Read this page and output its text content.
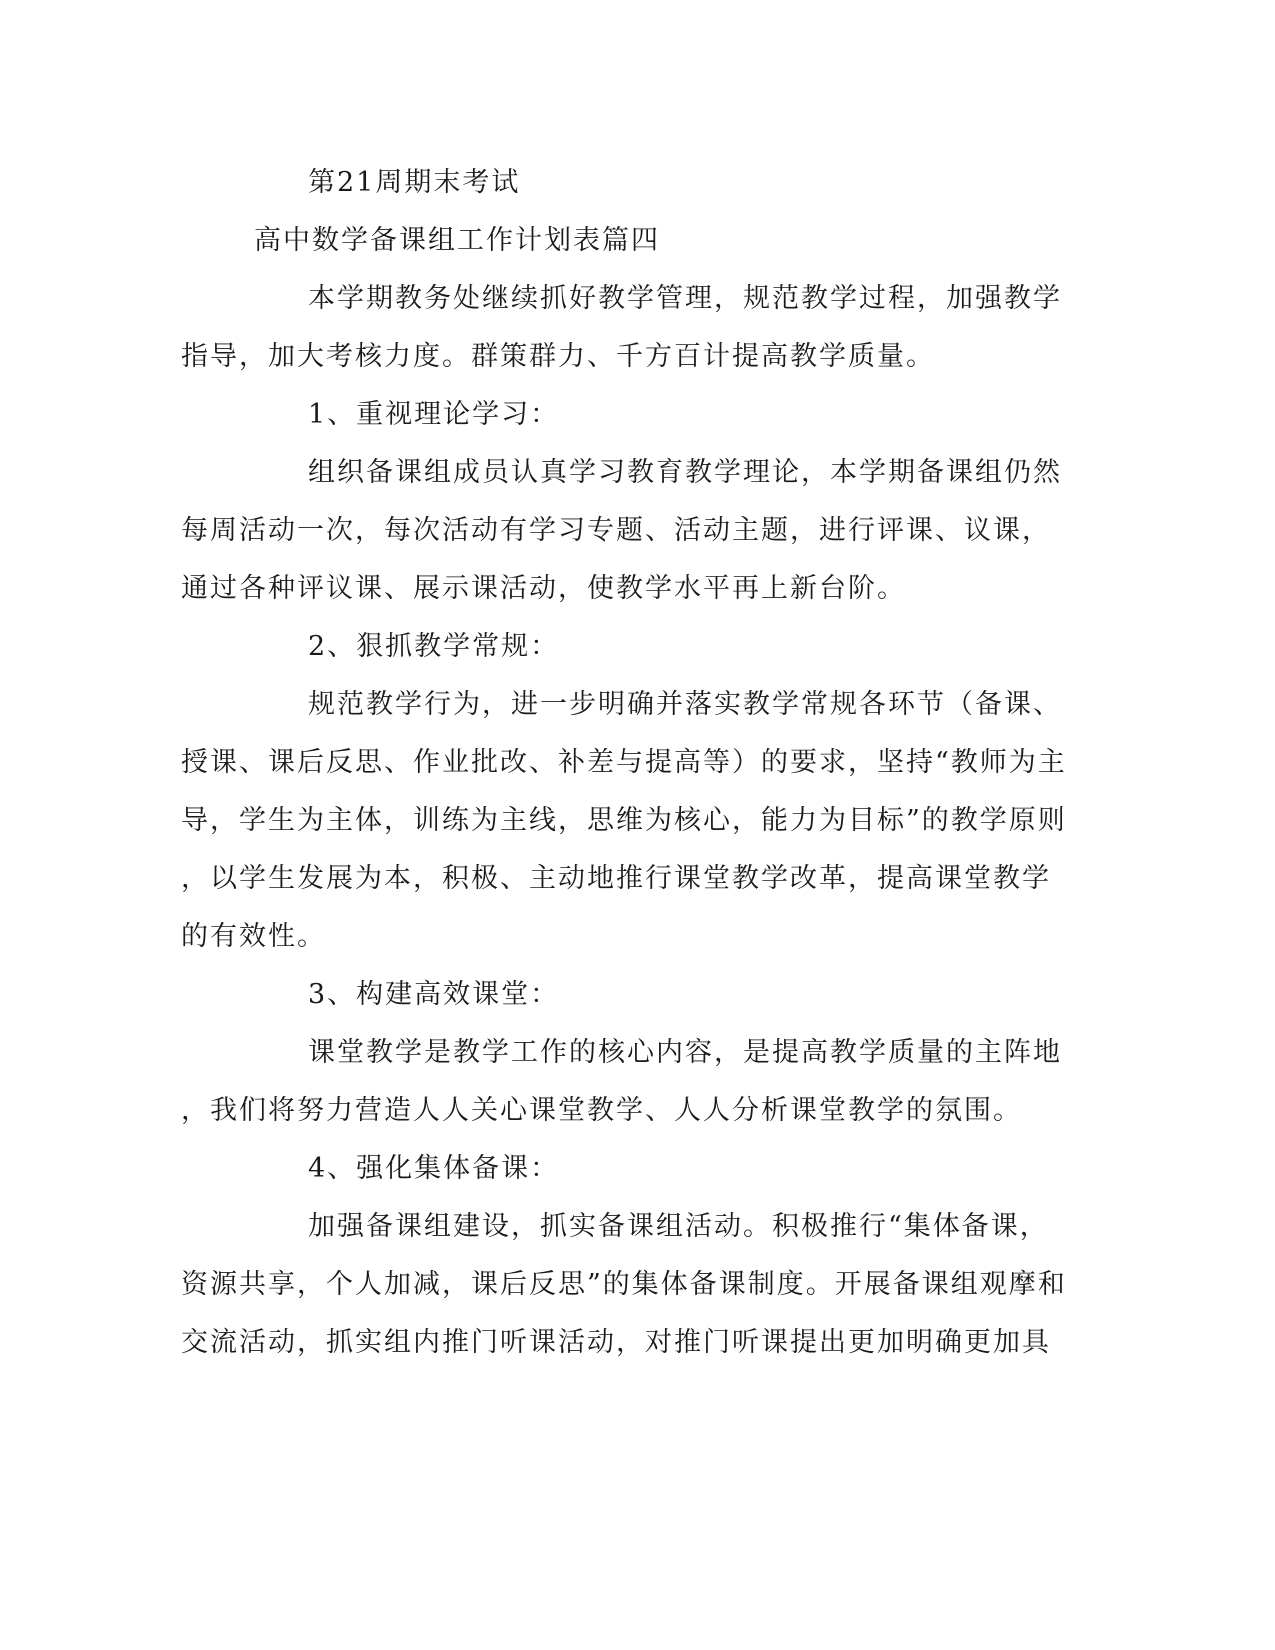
第21周期末考试

高中数学备课组工作计划表篇四

本学期教务处继续抓好教学管理，规范教学过程，加强教学

指导，加大考核力度。群策群力、千方百计提高教学质量。

1、重视理论学习：

组织备课组成员认真学习教育教学理论，本学期备课组仍然

每周活动一次，每次活动有学习专题、活动主题，进行评课、议课，

通过各种评议课、展示课活动，使教学水平再上新台阶。

2、狠抓教学常规：

规范教学行为，进一步明确并落实教学常规各环节（备课、

授课、课后反思、作业批改、补差与提高等）的要求，坚持“教师为主

导，学生为主体，训练为主线，思维为核心，能力为目标”的教学原则

，以学生发展为本，积极、主动地推行课堂教学改革，提高课堂教学

的有效性。

3、构建高效课堂：

课堂教学是教学工作的核心内容，是提高教学质量的主阵地

，我们将努力营造人人关心课堂教学、人人分析课堂教学的氛围。

4、强化集体备课：

加强备课组建设，抓实备课组活动。积极推行“集体备课，

资源共享，个人加减，课后反思”的集体备课制度。开展备课组观摩和

交流活动，抓实组内推门听课活动，对推门听课提出更加明确更加具
